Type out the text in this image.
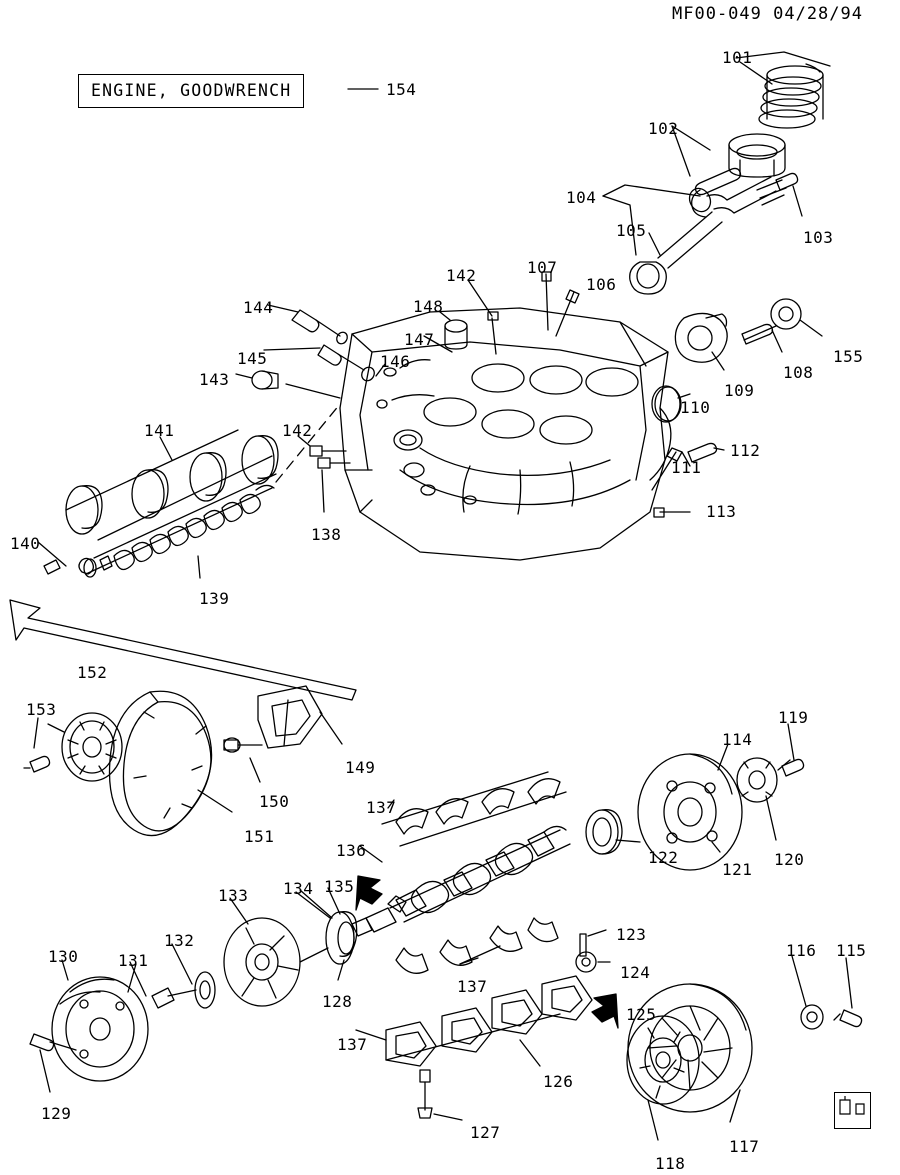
MF00-049 04/28/94
ENGINE, GOODWRENCH
101
102
103
104
105
106
107
108
109
110
111
112
113
114
115
116
117
118
119
120
121
122
123
124
125
126
127
128
129
130 131
132
133 134 135
136
137
137
137
138
139
140
141
142
142
143
144
145	146
147
148
149
150
151
152
153
155
154
